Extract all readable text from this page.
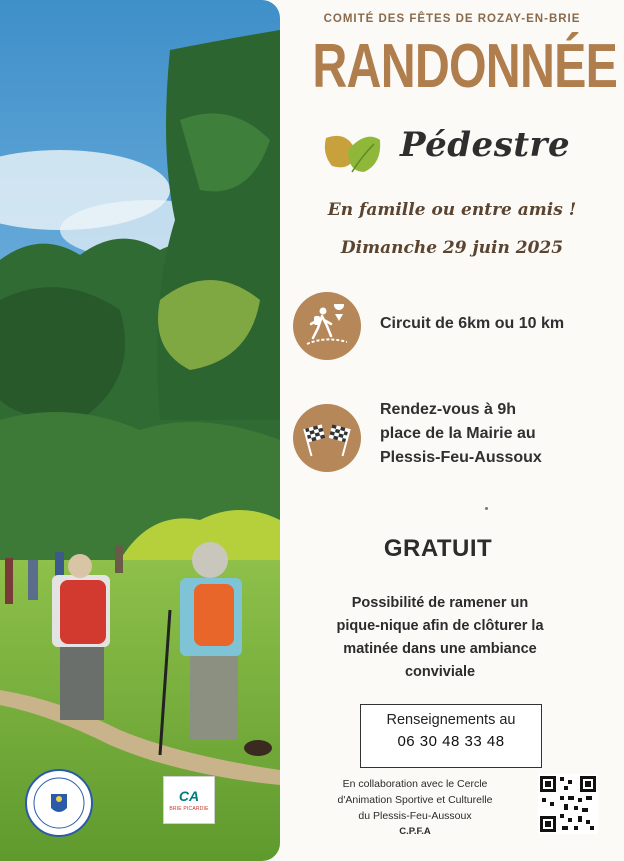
CA
BRIE PICARDIE
COMITÉ DES FÊTES DE ROZAY-EN-BRIE
RANDONNÉE
Pédestre
En famille ou entre amis !
Dimanche 29 juin 2025
Circuit de 6km ou 10 km
Rendez-vous à 9h
place de la Mairie au
Plessis-Feu-Aussoux
GRATUIT
Possibilité de ramener un
pique-nique afin de clôturer la
matinée dans une ambiance
conviviale
Renseignements au
06 30 48 33 48
En collaboration avec le Cercle
d'Animation Sportive et Culturelle
du Plessis-Feu-Aussoux
C.P.F.A
